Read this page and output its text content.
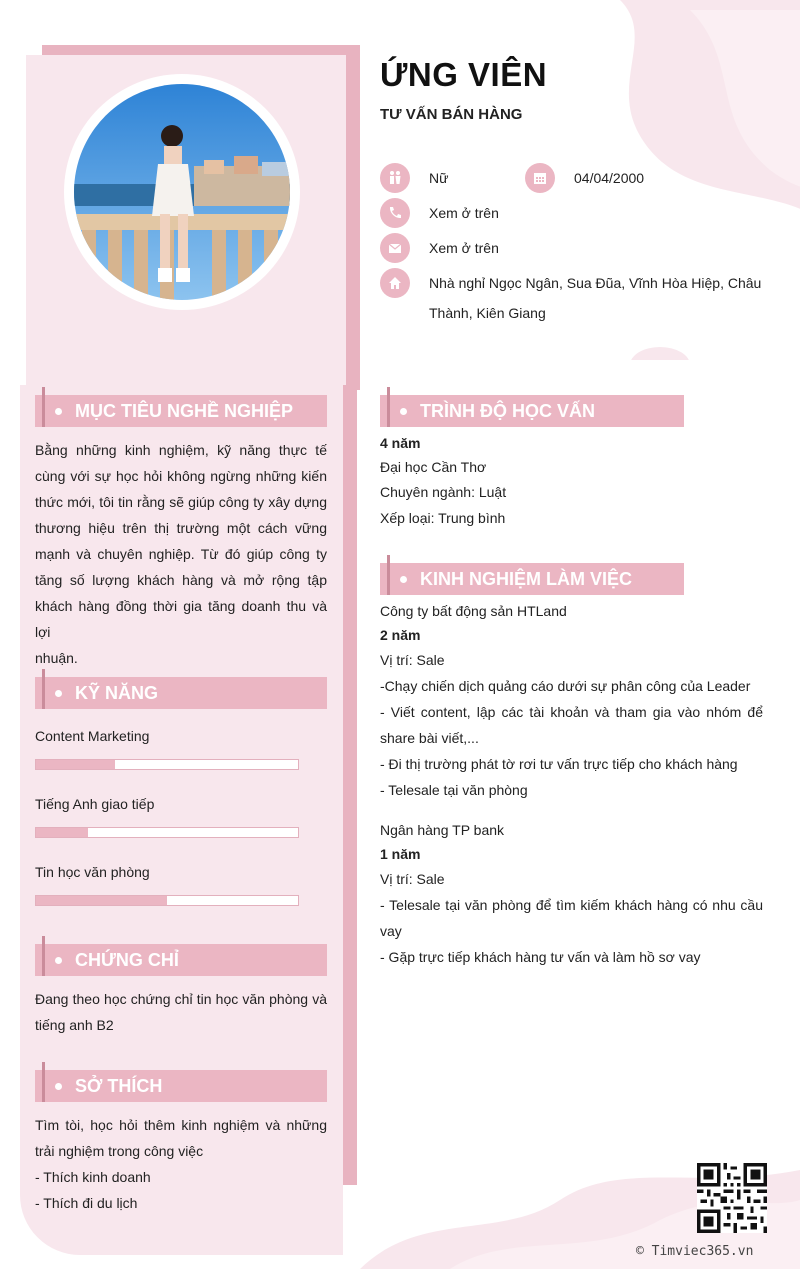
ỨNG VIÊN
TƯ VẤN BÁN HÀNG
Nữ	04/04/2000
Xem ở trên
Xem ở trên
Nhà nghỉ Ngọc Ngân, Sua Đũa, Vĩnh Hòa Hiệp, Châu
Thành, Kiên Giang
MỤC TIÊU NGHỀ NGHIỆP
Bằng những kinh nghiệm, kỹ năng thực tế
cùng với sự học hỏi không ngừng những kiến
thức mới, tôi tin rằng sẽ giúp công ty xây dựng
thương hiệu trên thị trường một cách vững
mạnh và chuyên nghiệp. Từ đó giúp công ty
tăng số lượng khách hàng và mở rộng tập
khách hàng đồng thời gia tăng doanh thu và lợi
nhuận.
KỸ NĂNG
Content Marketing
Tiếng Anh giao tiếp
Tin học văn phòng
CHỨNG CHỈ
Đang theo học chứng chỉ tin học văn phòng và
tiếng anh B2
SỞ THÍCH
Tìm tòi, học hỏi thêm kinh nghiệm và những
trải nghiệm trong công việc
- Thích kinh doanh
- Thích đi du lịch
TRÌNH ĐỘ HỌC VẤN
4 năm
Đại học Cần Thơ
Chuyên ngành: Luật
Xếp loại: Trung bình
KINH NGHIỆM LÀM VIỆC
Công ty bất động sản HTLand
2 năm
Vị trí: Sale
-Chạy chiến dịch quảng cáo dưới sự phân công của Leader
- Viết content, lập các tài khoản và tham gia vào nhóm để
share bài viết,...
- Đi thị trường phát tờ rơi tư vấn trực tiếp cho khách hàng
- Telesale tại văn phòng
Ngân hàng TP bank
1 năm
Vị trí: Sale
- Telesale tại văn phòng để tìm kiếm khách hàng có nhu cầu
vay
- Gặp trực tiếp khách hàng tư vấn và làm hồ sơ vay
© Timviec365.vn
